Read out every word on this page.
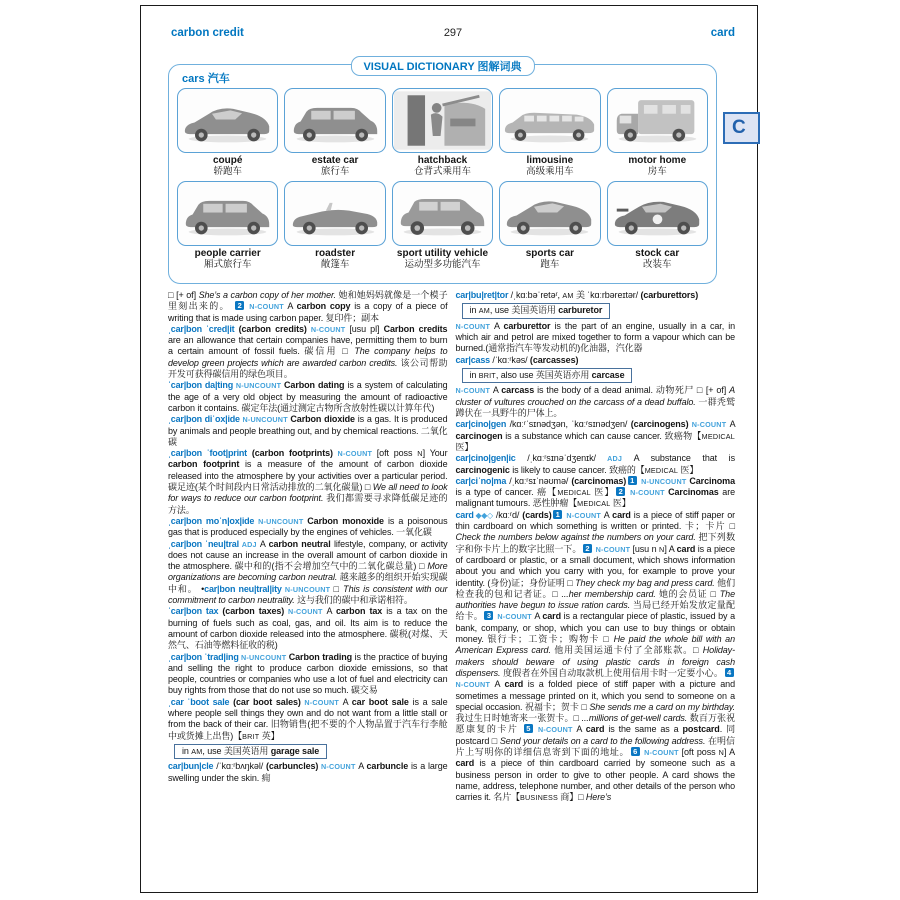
carbon credit	297	card
VISUAL DICTIONARY 图解词典
cars 汽车
coupé
轿跑车
estate car
旅行车
hatchback
仓背式乘用车
limousine
高级乘用车
motor home
房车
people carrier
厢式旅行车
roadster
敞篷车
sport utility vehicle
运动型多功能汽车
sports car
跑车
stock car
改装车
C
□ [+ of] She’s a carbon copy of her mother. 她和她妈妈就像是一个模子里刻出来的。 2 N-COUNT A carbon copy is a copy of a piece of writing that is made using carbon paper. 复印件；副本
ˌcar|bon ˈcred|it (carbon credits) N-COUNT [usu pl] Carbon credits are an allowance that certain companies have, permitting them to burn a certain amount of fossil fuels. 碳信用 □ The company helps to develop green projects which are awarded carbon credits. 该公司帮助开发可获得碳信用的绿色项目。
ˈcar|bon da|ting N-UNCOUNT Carbon dating is a system of calculating the age of a very old object by measuring the amount of radioactive carbon it contains. 碳定年法(通过测定古物所含放射性碳以计算年代)
ˌcar|bon diˈox|ide N-UNCOUNT Carbon dioxide is a gas. It is produced by animals and people breathing out, and by chemical reactions. 二氧化碳
ˌcar|bon ˈfoot|print (carbon footprints) N-COUNT [oft poss N] Your carbon footprint is a measure of the amount of carbon dioxide released into the atmosphere by your activities over a particular period. 碳足迹(某个时间段内日常活动排放的二氧化碳量) □ We all need to look for ways to reduce our carbon footprint. 我们都需要寻求降低碳足迹的方法。
ˌcar|bon moˈn|ox|ide N-UNCOUNT Carbon monoxide is a poisonous gas that is produced especially by the engines of vehicles. 一氧化碳
ˌcar|bon ˈneu|tral ADJ A carbon neutral lifestyle, company, or activity does not cause an increase in the overall amount of carbon dioxide in the atmosphere. 碳中和的(指不会增加空气中的二氧化碳总量) □ More organizations are becoming carbon neutral. 越来越多的组织开始实现碳中和。 •car|bon neu|tral|ity N-UNCOUNT □ This is consistent with our commitment to carbon neutrality. 这与我们的碳中和承诺相符。
ˈcar|bon tax (carbon taxes) N-COUNT A carbon tax is a tax on the burning of fuels such as coal, gas, and oil. Its aim is to reduce the amount of carbon dioxide released into the atmosphere. 碳税(对煤、天然气、石油等燃料征收的税)
ˌcar|bon ˈtrad|ing N-UNCOUNT Carbon trading is the practice of buying and selling the right to produce carbon dioxide emissions, so that people, countries or companies who use a lot of fuel and electricity can buy rights from those that do not use so much. 碳交易
ˌcar ˈboot sale (car boot sales) N-COUNT A car boot sale is a sale where people sell things they own and do not want from a little stall or from the back of their car. 旧物销售(把不要的个人物品置于汽车行李舱中或货摊上出售)【BRIT 英】
in AM, use 美国英语用 garage sale
car|bun|cle /ˈkɑːʳbʌŋkəl/ (carbuncles) N-COUNT A carbuncle is a large swelling under the skin. 痈
car|bu|ret|tor /ˌkɑːbəˈretəʳ, AM 美 ˈkɑːrbəreɪtər/ (carburettors)
in AM, use 美国英语用 carburetor
N-COUNT A carburettor is the part of an engine, usually in a car, in which air and petrol are mixed together to form a vapour which can be burned.(通常指汽车等发动机的)化油器，汽化器
car|cass /ˈkɑːʳkəs/ (carcasses)
in BRIT, also use 英国英语亦用 carcase
N-COUNT A carcass is the body of a dead animal. 动物死尸 □ [+ of] A cluster of vultures crouched on the carcass of a dead buffalo. 一群秃鹫蹲伏在一具野牛的尸体上。
car|cino|gen /kɑːʳˈsɪnədʒən, ˈkɑːʳsɪnədʒen/ (carcinogens) N-COUNT A carcinogen is a substance which can cause cancer. 致癌物【MEDICAL 医】
car|cino|gen|ic /ˌkɑːʳsɪnəˈdʒenɪk/ ADJ A substance that is carcinogenic is likely to cause cancer. 致癌的【MEDICAL 医】
car|ciˈno|ma /ˌkɑːʳsɪˈnəʊmə/ (carcinomas) 1 N-UNCOUNT Carcinoma is a type of cancer. 癌【MEDICAL 医】 2 N-COUNT Carcinomas are malignant tumours. 恶性肿瘤【MEDICAL 医】
card ◆◆◇ /kɑːʳd/ (cards) 1 N-COUNT A card is a piece of stiff paper or thin cardboard on which something is written or printed. 卡；卡片 □ Check the numbers below against the numbers on your card. 把下列数字和你卡片上的数字比照一下。 2 N-COUNT [usu n N] A card is a piece of cardboard or plastic, or a small document, which shows information about you and which you carry with you, for example to prove your identity. (身份)证；身份证明 □ They check my bag and press card. 他们检查我的包和记者证。□ ...her membership card. 她的会员证 □ The authorities have begun to issue ration cards. 当局已经开始发放定量配给卡。 3 N-COUNT A card is a rectangular piece of plastic, issued by a bank, company, or shop, which you can use to buy things or obtain money. 银行卡；工资卡；购物卡 □ He paid the whole bill with an American Express card. 他用美国运通卡付了全部账款。□ Holiday-makers should beware of using plastic cards in foreign cash dispensers. 度假者在外国自动取款机上使用信用卡时一定要小心。 4 N-COUNT A card is a folded piece of stiff paper with a picture and sometimes a message printed on it, which you send to someone on a special occasion. 祝福卡；贺卡 □ She sends me a card on my birthday. 我过生日时她寄来一张贺卡。□ ...millions of get-well cards. 数百万张祝愿康复的卡片 5 N-COUNT A card is the same as a postcard. 同 postcard □ Send your details on a card to the following address. 在明信片上写明你的详细信息寄到下面的地址。 6 N-COUNT [oft poss N] A card is a piece of thin cardboard carried by someone such as a business person in order to give to other people. A card shows the name, address, telephone number, and other details of the person who carries it. 名片【BUSINESS 商】□ Here’s
